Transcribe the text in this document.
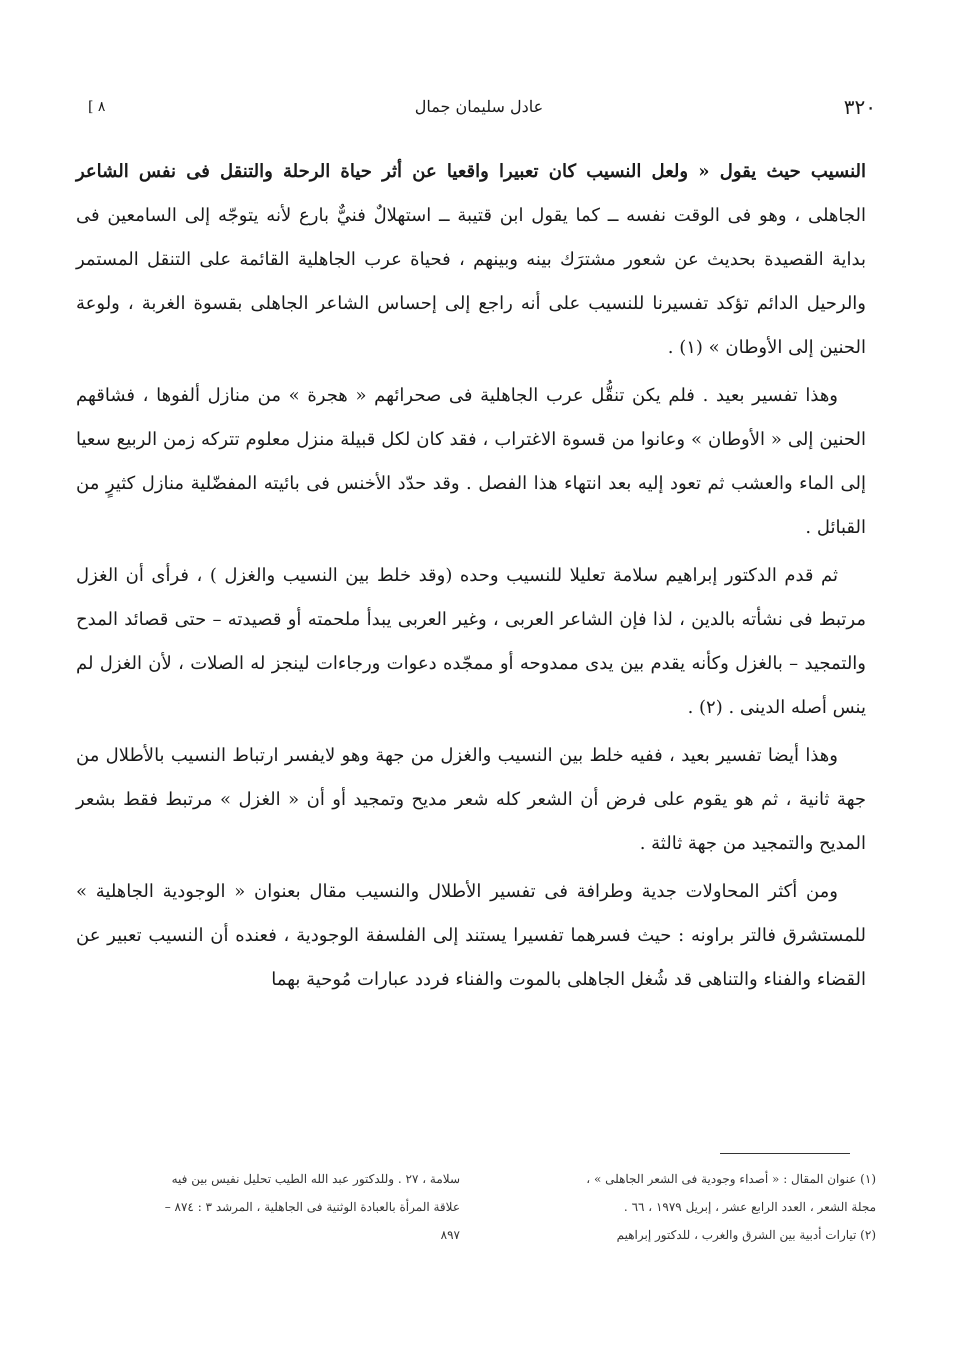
٣٢٠
عادل سليمان جمال
[ ٨

النسيب حيث يقول « ولعل النسيب كان تعبيرا واقعيا عن أثر حياة الرحلة والتنقل فى نفس الشاعر الجاهلى ، وهو فى الوقت نفسه ــ كما يقول ابن قتيبة ــ استهلالٌ فنيٌّ بارع لأنه يتوجّه إلى السامعين فى بداية القصيدة بحديث عن شعور مشترَك بينه وبينهم ، فحياة عرب الجاهلية القائمة على التنقل المستمر والرحيل الدائم تؤكد تفسيرنا للنسيب على أنه راجع إلى إحساس الشاعر الجاهلى بقسوة الغربة ، ولوعة الحنين إلى الأوطان » (١) .

وهذا تفسير بعيد . فلم يكن تنقُّل عرب الجاهلية فى صحرائهم « هجرة » من منازل ألفوها ، فشاقهم الحنين إلى « الأوطان » وعانوا من قسوة الاغتراب ، فقد كان لكل قبيلة منزل معلوم تتركه زمن الربيع سعيا إلى الماء والعشب ثم تعود إليه بعد انتهاء هذا الفصل . وقد حدّد الأخنس فى بائيته المفضّلية منازل كثيرٍ من القبائل .

ثم قدم الدكتور إبراهيم سلامة تعليلا للنسيب وحده (وقد خلط بين النسيب والغزل ) ، فرأى أن الغزل مرتبط فى نشأته بالدين ، لذا فإن الشاعر العربى ، وغير العربى يبدأ ملحمته أو قصيدته – حتى قصائد المدح والتمجيد – بالغزل وكأنه يقدم بين يدى ممدوحه أو ممجّده دعوات ورجاءات لينجز له الصلات ، لأن الغزل لم ينس أصله الدينى . (٢) .

وهذا أيضا تفسير بعيد ، ففيه خلط بين النسيب والغزل من جهة وهو لايفسر ارتباط النسيب بالأطلال من جهة ثانية ، ثم هو يقوم على فرض أن الشعر كله شعر مديح وتمجيد أو أن « الغزل » مرتبط فقط بشعر المديح والتمجيد من جهة ثالثة .

ومن أكثر المحاولات جدية وطرافة فى تفسير الأطلال والنسيب مقال بعنوان « الوجودية الجاهلية » للمستشرق فالتر براونه : حيث فسرهما تفسيرا يستند إلى الفلسفة الوجودية ، فعنده أن النسيب تعبير عن القضاء والفناء والتناهى قد شُغل الجاهلى بالموت والفناء فردد عبارات مُوحية بهما

(١) عنوان المقال : « أصداء وجودية فى الشعر الجاهلى » ،
مجلة الشعر ، العدد الرابع عشر ، إبريل ١٩٧٩ ، ٦٦ .
(٢) تيارات أدبية بين الشرق والغرب ، للدكتور إبراهيم
سلامة ، ٢٧ . وللدكتور عبد الله الطيب تحليل نفيس بين فيه
علاقة المرأة بالعبادة الوثنية فى الجاهلية ، المرشد ٣ : ٨٧٤ –
٨٩٧
